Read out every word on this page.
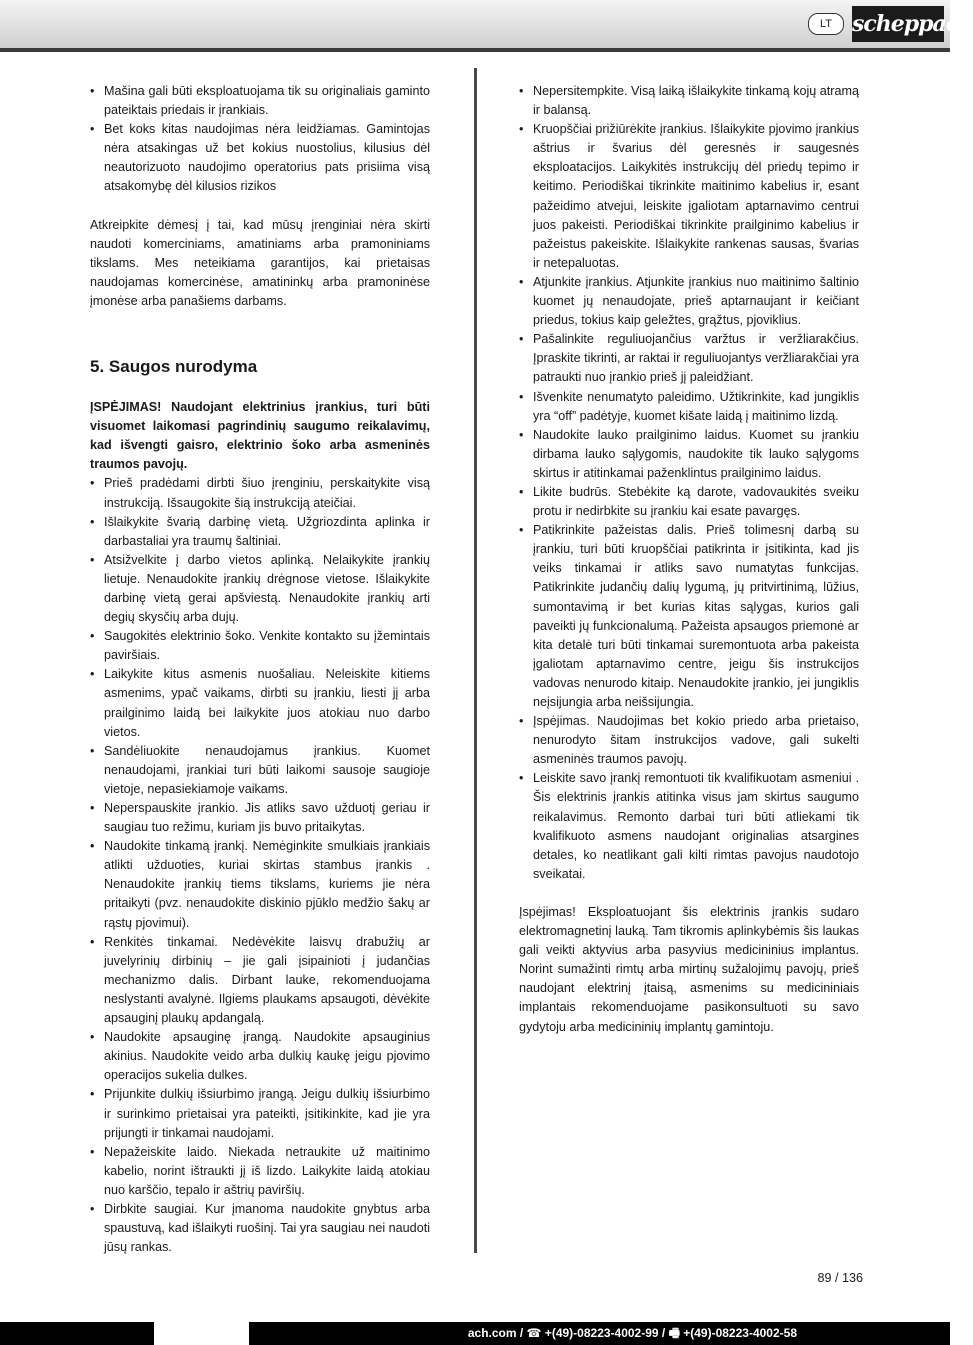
LT scheppach
• Mašina gali būti eksploatuojama tik su originaliais gaminto pateiktais priedais ir įrankiais.
• Bet koks kitas naudojimas nėra leidžiamas. Gamintojas nėra atsakingas už bet kokius nuostolius, kilusius dėl neautorizuoto naudojimo operatorius pats prisiima visą atsakomybę dėl kilusios rizikos

Atkreipkite dėmesį į tai, kad mūsų įrenginiai nėra skirti naudoti komerciniams, amatiniams arba pramoniniams tikslams. Mes neteikiama garantijos, kai prietaisas naudojamas komercinėse, amatininkų arba pramoninėse įmonėse arba panašiems darbams.

5. Saugos nurodyma

ĮSPĖJIMAS! Naudojant elektrinius įrankius, turi būti visuomet laikomasi pagrindinių saugumo reikalavimų, kad išvengti gaisro, elektrinio šoko arba asmeninės traumos pavojų.

• Prieš pradėdami dirbti šiuo įrenginiu, perskaitykite visą instrukciją. Išsaugokite šią instrukciją ateičiai.
• Išlaikykite švarią darbinę vietą. Užgriozdinta aplinka ir darbastaliai yra traumų šaltiniai.
• Atsižvelkite į darbo vietos aplinką. Nelaikykite įrankių lietuje. Nenaudokite įrankių drėgnose vietose. Išlaikykite darbinę vietą gerai apšviestą. Nenaudokite įrankių arti degių skysčių arba dujų.
• Saugokitės elektrinio šoko. Venkite kontakto su įžemintais paviršiais.
• Laikykite kitus asmenis nuošaliau. Neleiskite kitiems asmenims, ypač vaikams, dirbti su įrankiu, liesti jį arba prailginimo laidą bei laikykite juos atokiau nuo darbo vietos.
• Sandėliuokite nenaudojamus įrankius. Kuomet nenaudojami, įrankiai turi būti laikomi sausoje saugioje vietoje, nepasiekiamoje vaikams.
• Neperspauskite įrankio. Jis atliks savo užduotį geriau ir saugiau tuo režimu, kuriam jis buvo pritaikytas.
• Naudokite tinkamą įrankį. Nemėginkite smulkiais įrankiais atlikti užduoties, kuriai skirtas stambus įrankis . Nenaudokite įrankių tiems tikslams, kuriems jie nėra pritaikyti (pvz. nenaudokite diskinio pjūklo medžio šakų ar rąstų pjovimui).
• Renkitės tinkamai. Nedėvėkite laisvų drabužių ar juvelyrinių dirbinių – jie gali įsipainioti į judančias mechanizmo dalis. Dirbant lauke, rekomenduojama neslystanti avalynė. Ilgiems plaukams apsaugoti, dėvėkite apsauginį plaukų apdangalą.
• Naudokite apsauginę įrangą. Naudokite apsauginius akinius. Naudokite veido arba dulkių kaukę jeigu pjovimo operacijos sukelia dulkes.
• Prijunkite dulkių išsiurbimo įrangą. Jeigu dulkių išsiurbimo ir surinkimo prietaisai yra pateikti, įsitikinkite, kad jie yra prijungti ir tinkamai naudojami.
• Nepažeiskite laido. Niekada netraukite už maitinimo kabelio, norint ištraukti jį iš lizdo. Laikykite laidą atokiau nuo karščio, tepalo ir aštrių paviršių.
• Dirbkite saugiai. Kur įmanoma naudokite gnybtus arba spaustuvą, kad išlaikyti ruošinį. Tai yra saugiau nei naudoti jūsų rankas.
• Nepersitempkite. Visą laiką išlaikykite tinkamą kojų atramą ir balansą.
• Kruopščiai prižiūrėkite įrankius. Išlaikykite pjovimo įrankius aštrius ir švarius dėl geresnės ir saugesnės eksploatacijos. Laikykitės instrukcijų dėl priedų tepimo ir keitimo. Periodiškai tikrinkite maitinimo kabelius ir, esant pažeidimo atvejui, leiskite įgaliotam aptarnavimo centrui juos pakeisti. Periodiškai tikrinkite prailginimo kabelius ir pažeistus pakeiskite. Išlaikykite rankenas sausas, švarias ir netepaluotas.
• Atjunkite įrankius. Atjunkite įrankius nuo maitinimo šaltinio kuomet jų nenaudojate, prieš aptarnaujant ir keičiant priedus, tokius kaip geležtes, grąžtus, pjoviklius.
• Pašalinkite reguliuojančius varžtus ir veržliarakčius. Įpraskite tikrinti, ar raktai ir reguliuojantys veržliarakčiai yra patraukti nuo įrankio prieš jį paleidžiant.
• Išvenkite nenumatyto paleidimo. Užtikrinkite, kad jungiklis yra “off” padėtyje, kuomet kišate laidą į maitinimo lizdą.
• Naudokite lauko prailginimo laidus. Kuomet su įrankiu dirbama lauko sąlygomis, naudokite tik lauko sąlygoms skirtus ir atitinkamai paženklintus prailginimo laidus.
• Likite budrūs. Stebėkite ką darote, vadovaukitės sveiku protu ir nedirbkite su įrankiu kai esate pavargęs.
• Patikrinkite pažeistas dalis. Prieš tolimesnį darbą su įrankiu, turi būti kruopščiai patikrinta ir įsitikinta, kad jis veiks tinkamai ir atliks savo numatytas funkcijas. Patikrinkite judančių dalių lygumą, jų pritvirtinimą, lūžius, sumontavimą ir bet kurias kitas sąlygas, kurios gali paveikti jų funkcionalumą. Pažeista apsaugos priemonė ar kita detalė turi būti tinkamai suremontuota arba pakeista įgaliotam aptarnavimo centre, jeigu šis instrukcijos vadovas nenurodo kitaip. Nenaudokite įrankio, jei jungiklis neįsijungia arba neišsijungia.
• Įspėjimas. Naudojimas bet kokio priedo arba prietaiso, nenurodyto šitam instrukcijos vadove, gali sukelti asmeninės traumos pavojų.
• Leiskite savo įrankį remontuoti tik kvalifikuotam asmeniui . Šis elektrinis įrankis atitinka visus jam skirtus saugumo reikalavimus. Remonto darbai turi būti atliekami tik kvalifikuoto asmens naudojant originalias atsargines detales, ko neatlikant gali kilti rimtas pavojus naudotojo sveikatai.

Įspėjimas! Eksploatuojant šis elektrinis įrankis sudaro elektromagnetinį lauką. Tam tikromis aplinkybėmis šis laukas gali veikti aktyvius arba pasyvius medicininius implantus. Norint sumažinti rimtų arba mirtinų sužalojimų pavojų, prieš naudojant elektrinį įtaisą, asmenims su medicininiais implantais rekomenduojame pasikonsultuoti su savo gydytoju arba medicininių implantų gamintoju.

89 / 136
ach.com / ☎ +(49)-08223-4002-99 / 🖷 +(49)-08223-4002-58
